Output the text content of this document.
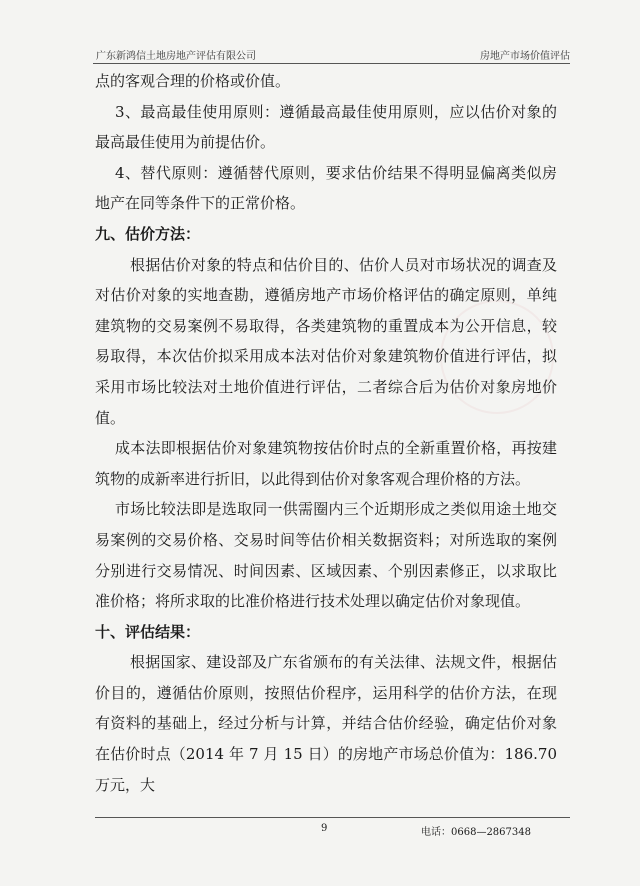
广东新鸿信土地房地产评估有限公司	房地产市场价值评估

点的客观合理的价格或价值。

3、最高最佳使用原则：遵循最高最佳使用原则，应以估价对象的最高最佳使用为前提估价。

4、替代原则：遵循替代原则，要求估价结果不得明显偏离类似房地产在同等条件下的正常价格。

九、估价方法：

根据估价对象的特点和估价目的、估价人员对市场状况的调查及对估价对象的实地查勘，遵循房地产市场价格评估的确定原则，单纯建筑物的交易案例不易取得，各类建筑物的重置成本为公开信息，较易取得，本次估价拟采用成本法对估价对象建筑物价值进行评估，拟采用市场比较法对土地价值进行评估，二者综合后为估价对象房地价值。

成本法即根据估价对象建筑物按估价时点的全新重置价格，再按建筑物的成新率进行折旧，以此得到估价对象客观合理价格的方法。

市场比较法即是选取同一供需圈内三个近期形成之类似用途土地交易案例的交易价格、交易时间等估价相关数据资料；对所选取的案例分别进行交易情况、时间因素、区域因素、个别因素修正，以求取比准价格；将所求取的比准价格进行技术处理以确定估价对象现值。

十、评估结果：

根据国家、建设部及广东省颁布的有关法律、法规文件，根据估价目的，遵循估价原则，按照估价程序，运用科学的估价方法，在现有资料的基础上，经过分析与计算，并结合估价经验，确定估价对象在估价时点（2014 年 7 月 15 日）的房地产市场总价值为：186.70 万元，大

9	电话：0668—2867348
